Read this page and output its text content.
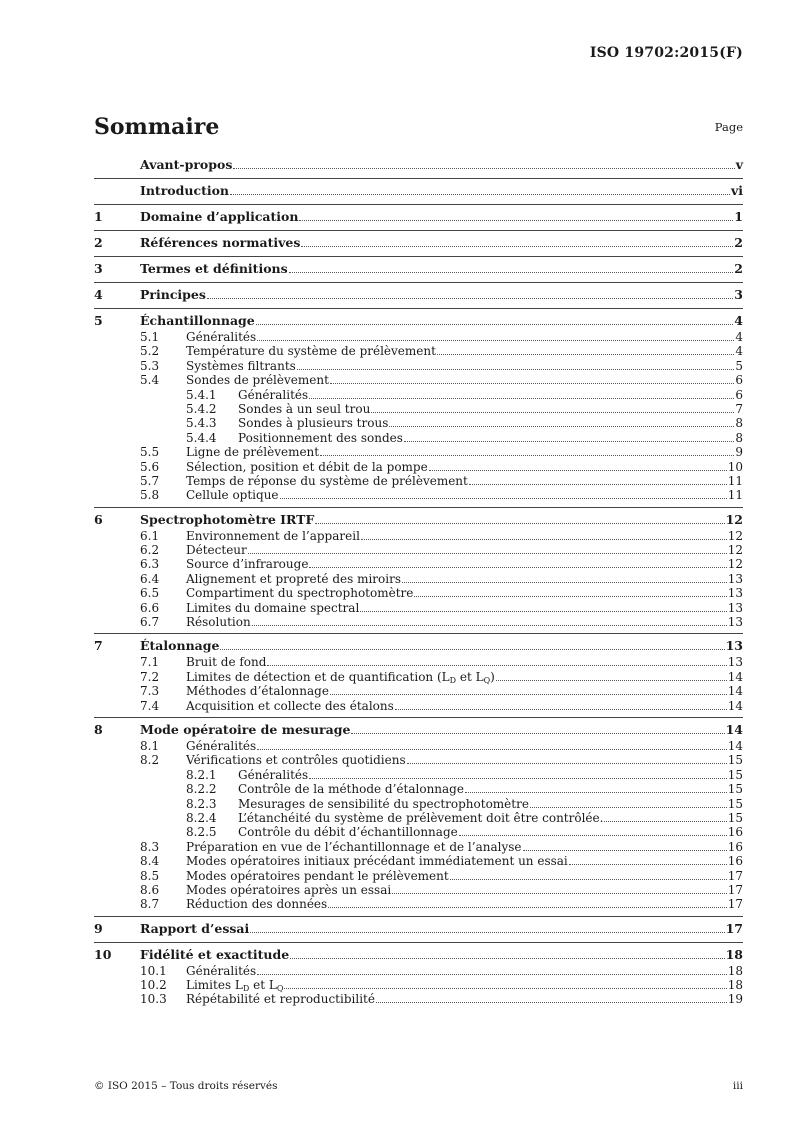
ISO 19702:2015(F)
Sommaire	Page
Avant-propos	v
Introduction	vi
1	Domaine d’application	1
2	Références normatives	2
3	Termes et définitions	2
4	Principes	3
5	Échantillonnage	4
5.1	Généralités	4
5.2	Température du système de prélèvement	4
5.3	Systèmes filtrants	5
5.4	Sondes de prélèvement	6
5.4.1	Généralités	6
5.4.2	Sondes à un seul trou	7
5.4.3	Sondes à plusieurs trous	8
5.4.4	Positionnement des sondes	8
5.5	Ligne de prélèvement	9
5.6	Sélection, position et débit de la pompe	10
5.7	Temps de réponse du système de prélèvement	11
5.8	Cellule optique	11
6	Spectrophotomètre IRTF	12
6.1	Environnement de l’appareil	12
6.2	Détecteur	12
6.3	Source d’infrarouge	12
6.4	Alignement et propreté des miroirs	13
6.5	Compartiment du spectrophotomètre	13
6.6	Limites du domaine spectral	13
6.7	Résolution	13
7	Étalonnage	13
7.1	Bruit de fond	13
7.2	Limites de détection et de quantification ($L_D$ et $L_Q$)	14
7.3	Méthodes d’étalonnage	14
7.4	Acquisition et collecte des étalons	14
8	Mode opératoire de mesurage	14
8.1	Généralités	14
8.2	Vérifications et contrôles quotidiens	15
8.2.1	Généralités	15
8.2.2	Contrôle de la méthode d’étalonnage	15
8.2.3	Mesurages de sensibilité du spectrophotomètre	15
8.2.4	L’étanchéité du système de prélèvement doit être contrôlée.	15
8.2.5	Contrôle du débit d’échantillonnage	16
8.3	Préparation en vue de l’échantillonnage et de l’analyse	16
8.4	Modes opératoires initiaux précédant immédiatement un essai	16
8.5	Modes opératoires pendant le prélèvement	17
8.6	Modes opératoires après un essai	17
8.7	Réduction des données	17
9	Rapport d’essai	17
10	Fidélité et exactitude	18
10.1	Généralités	18
10.2	Limites $L_D$ et $L_Q$	18
10.3	Répétabilité et reproductibilité	19
© ISO 2015 – Tous droits réservés	iii
